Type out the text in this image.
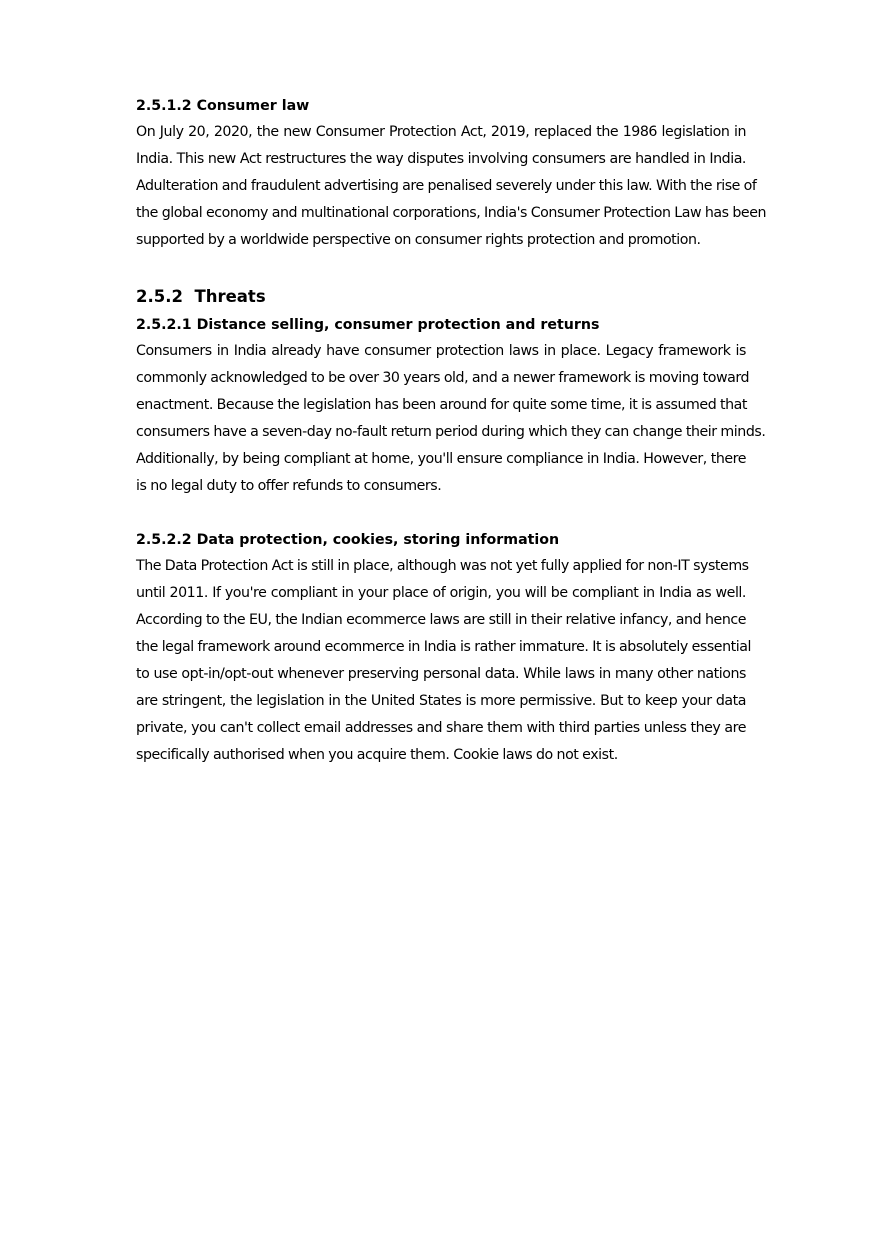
2.5.1.2 Consumer law
On July 20, 2020, the new Consumer Protection Act, 2019, replaced the 1986 legislation in
India. This new Act restructures the way disputes involving consumers are handled in India.
Adulteration and fraudulent advertising are penalised severely under this law. With the rise of
the global economy and multinational corporations, India's Consumer Protection Law has been
supported by a worldwide perspective on consumer rights protection and promotion.
2.5.2  Threats
2.5.2.1 Distance selling, consumer protection and returns
Consumers in India already have consumer protection laws in place. Legacy framework is
commonly acknowledged to be over 30 years old, and a newer framework is moving toward
enactment. Because the legislation has been around for quite some time, it is assumed that
consumers have a seven-day no-fault return period during which they can change their minds.
Additionally, by being compliant at home, you'll ensure compliance in India. However, there
is no legal duty to offer refunds to consumers.
2.5.2.2 Data protection, cookies, storing information
The Data Protection Act is still in place, although was not yet fully applied for non-IT systems
until 2011. If you're compliant in your place of origin, you will be compliant in India as well.
According to the EU, the Indian ecommerce laws are still in their relative infancy, and hence
the legal framework around ecommerce in India is rather immature. It is absolutely essential
to use opt-in/opt-out whenever preserving personal data. While laws in many other nations
are stringent, the legislation in the United States is more permissive. But to keep your data
private, you can't collect email addresses and share them with third parties unless they are
specifically authorised when you acquire them. Cookie laws do not exist.
